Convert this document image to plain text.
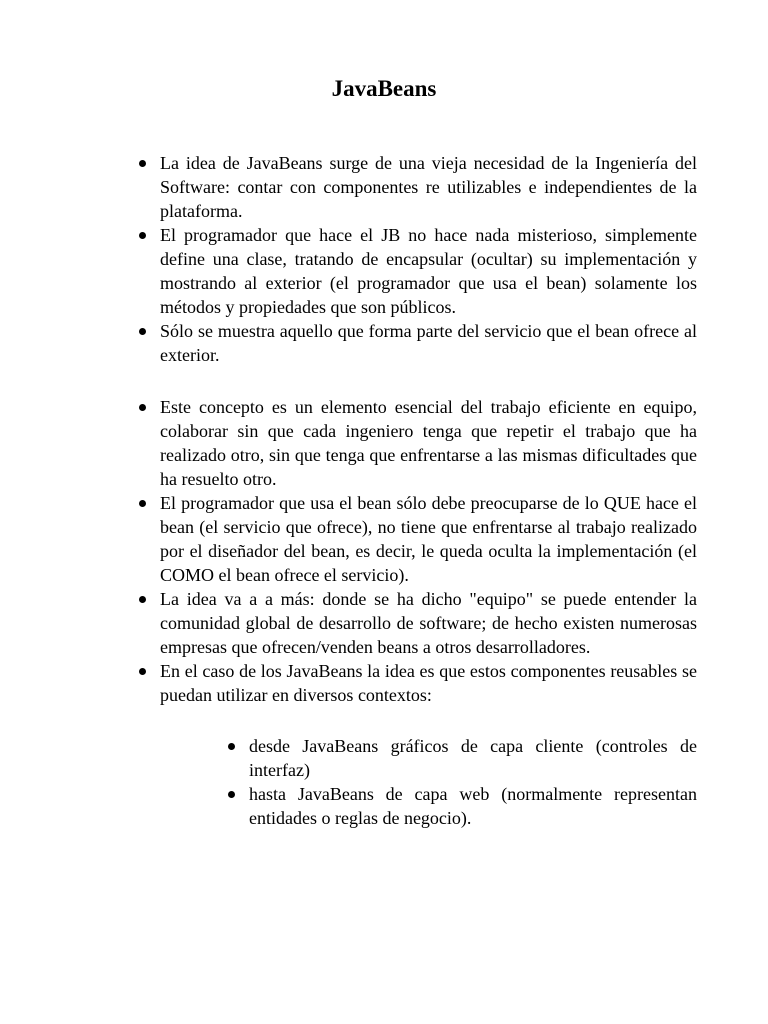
JavaBeans
La idea de JavaBeans surge de una vieja necesidad de la Ingeniería del Software: contar con componentes re utilizables e independientes de la plataforma.
El programador que hace el JB no hace nada misterioso, simplemente define una clase, tratando de encapsular (ocultar) su implementación y mostrando al exterior (el programador que usa el bean) solamente los métodos y propiedades que son públicos.
Sólo se muestra aquello que forma parte del servicio que el bean ofrece al exterior.
Este concepto es un elemento esencial del trabajo eficiente en equipo, colaborar sin que cada ingeniero tenga que repetir el trabajo que ha realizado otro, sin que tenga que enfrentarse a las mismas dificultades que ha resuelto otro.
El programador que usa el bean sólo debe preocuparse de lo QUE hace el bean (el servicio que ofrece), no tiene que enfrentarse al trabajo realizado por el diseñador del bean, es decir, le queda oculta la implementación (el COMO el bean ofrece el servicio).
La idea va a a más: donde se ha dicho "equipo" se puede entender la comunidad global de desarrollo de software; de hecho existen numerosas empresas que ofrecen/venden beans a otros desarrolladores.
En el caso de los JavaBeans la idea es que estos componentes reusables se puedan utilizar en diversos contextos:
desde JavaBeans gráficos de capa cliente (controles de interfaz)
hasta JavaBeans de capa web (normalmente representan entidades o reglas de negocio).
